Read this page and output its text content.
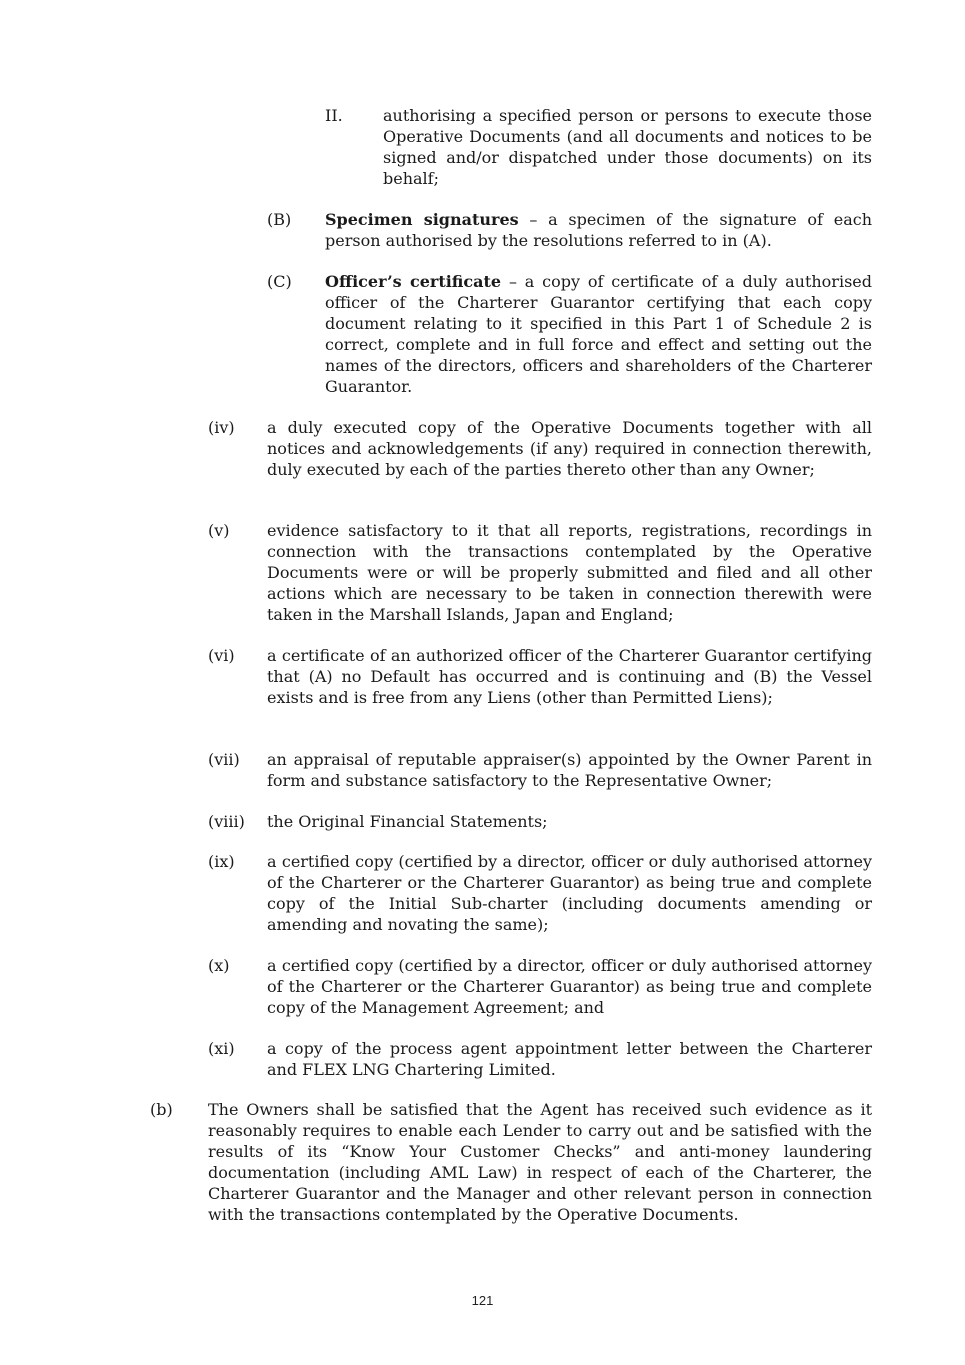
II.	authorising a specified person or persons to execute those Operative Documents (and all documents and notices to be signed and/or dispatched under those documents) on its behalf;
(B) Specimen signatures – a specimen of the signature of each person authorised by the resolutions referred to in (A).
(C) Officer’s certificate – a copy of certificate of a duly authorised officer of the Charterer Guarantor certifying that each copy document relating to it specified in this Part 1 of Schedule 2 is correct, complete and in full force and effect and setting out the names of the directors, officers and shareholders of the Charterer Guarantor.
(iv) a duly executed copy of the Operative Documents together with all notices and acknowledgements (if any) required in connection therewith, duly executed by each of the parties thereto other than any Owner;
(v) evidence satisfactory to it that all reports, registrations, recordings in connection with the transactions contemplated by the Operative Documents were or will be properly submitted and filed and all other actions which are necessary to be taken in connection therewith were taken in the Marshall Islands, Japan and England;
(vi) a certificate of an authorized officer of the Charterer Guarantor certifying that (A) no Default has occurred and is continuing and (B) the Vessel exists and is free from any Liens (other than Permitted Liens);
(vii) an appraisal of reputable appraiser(s) appointed by the Owner Parent in form and substance satisfactory to the Representative Owner;
(viii) the Original Financial Statements;
(ix) a certified copy (certified by a director, officer or duly authorised attorney of the Charterer or the Charterer Guarantor) as being true and complete copy of the Initial Sub-charter (including documents amending or amending and novating the same);
(x) a certified copy (certified by a director, officer or duly authorised attorney of the Charterer or the Charterer Guarantor) as being true and complete copy of the Management Agreement; and
(xi) a copy of the process agent appointment letter between the Charterer and FLEX LNG Chartering Limited.
(b) The Owners shall be satisfied that the Agent has received such evidence as it reasonably requires to enable each Lender to carry out and be satisfied with the results of its “Know Your Customer Checks” and anti-money laundering documentation (including AML Law) in respect of each of the Charterer, the Charterer Guarantor and the Manager and other relevant person in connection with the transactions contemplated by the Operative Documents.
121
